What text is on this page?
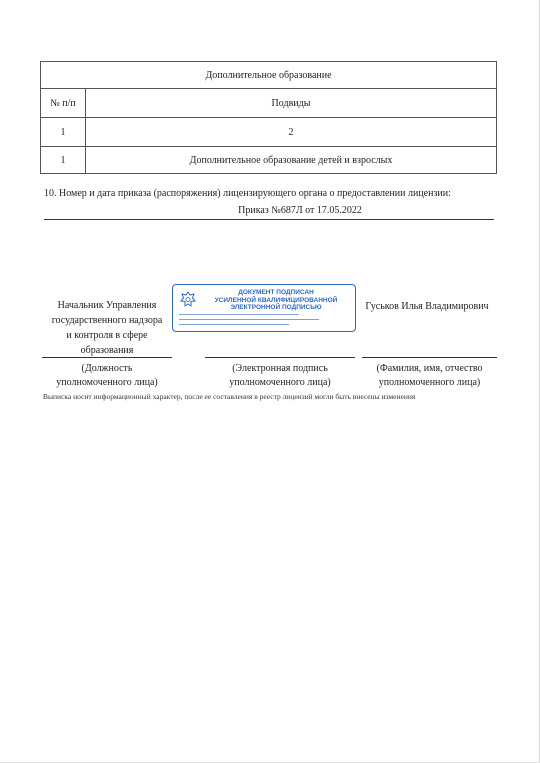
Дополнительное образование	
№ п/п	Подвиды
1	2
1	Дополнительное образование детей и взрослых
10. Номер и дата приказа (распоряжения) лицензирующего органа о предоставлении лицензии:
Приказ №687Л от 17.05.2022
Начальник Управления
государственного надзора
и контроля в сфере
образования
ДОКУМЕНТ ПОДПИСАН
УСИЛЕННОЙ КВАЛИФИЦИРОВАННОЙ
ЭЛЕКТРОННОЙ ПОДПИСЬЮ	Гуськов Илья Владимирович
(Должность
уполномоченного лица)
(Электронная подпись
уполномоченного лица)
(Фамилия, имя, отчество
уполномоченного лица)
Выписка носит информационный характер, после ее составления в реестр лицензий могли быть внесены изменения
